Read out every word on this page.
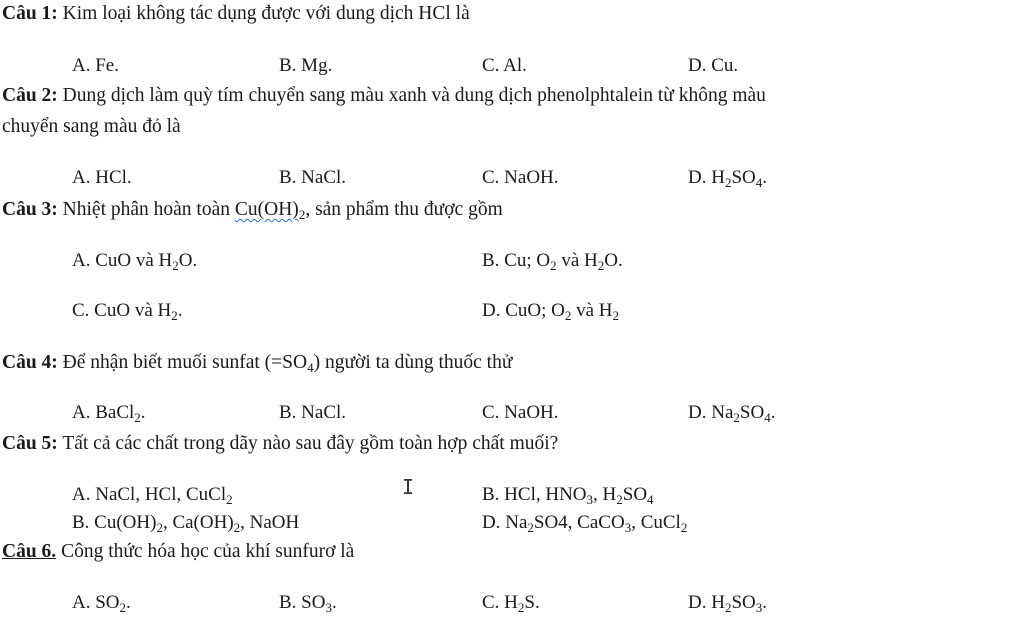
Câu 1: Kim loại không tác dụng được với dung dịch HCl là
A. Fe.	B. Mg.	C. Al.	D. Cu.
Câu 2: Dung dịch làm quỳ tím chuyển sang màu xanh và dung dịch phenolphtalein từ không màu
chuyển sang màu đỏ là
A. HCl.	B. NaCl.	C. NaOH.	D. $H_2SO_4$.
Câu 3: Nhiệt phân hoàn toàn $Cu(OH)_2$, sản phẩm thu được gồm
A. CuO và $H_2O$.	B. Cu; $O_2$ và $H_2O$.
C. CuO và $H_2$.	D. CuO; $O_2$ và $H_2$
Câu 4: Để nhận biết muối sunfat $(=SO_4)$ người ta dùng thuốc thử
A. BaCl$_2$.	B. NaCl.	C. NaOH.	D. $Na_2SO_4$.
Câu 5: Tất cả các chất trong dãy nào sau đây gồm toàn hợp chất muối?
A. NaCl, HCl, CuCl$_2$	B. HCl, $HNO_3$, $H_2SO_4$
B. $Cu(OH)_2$, $Ca(OH)_2$, NaOH	D. $Na_2SO4$, CaCO$_3$, CuCl$_2$
Câu 6. Công thức hóa học của khí sunfurơ là
A. $SO_2$.	B. $SO_3$.	C. $H_2S$.	D. $H_2SO_3$.
I
